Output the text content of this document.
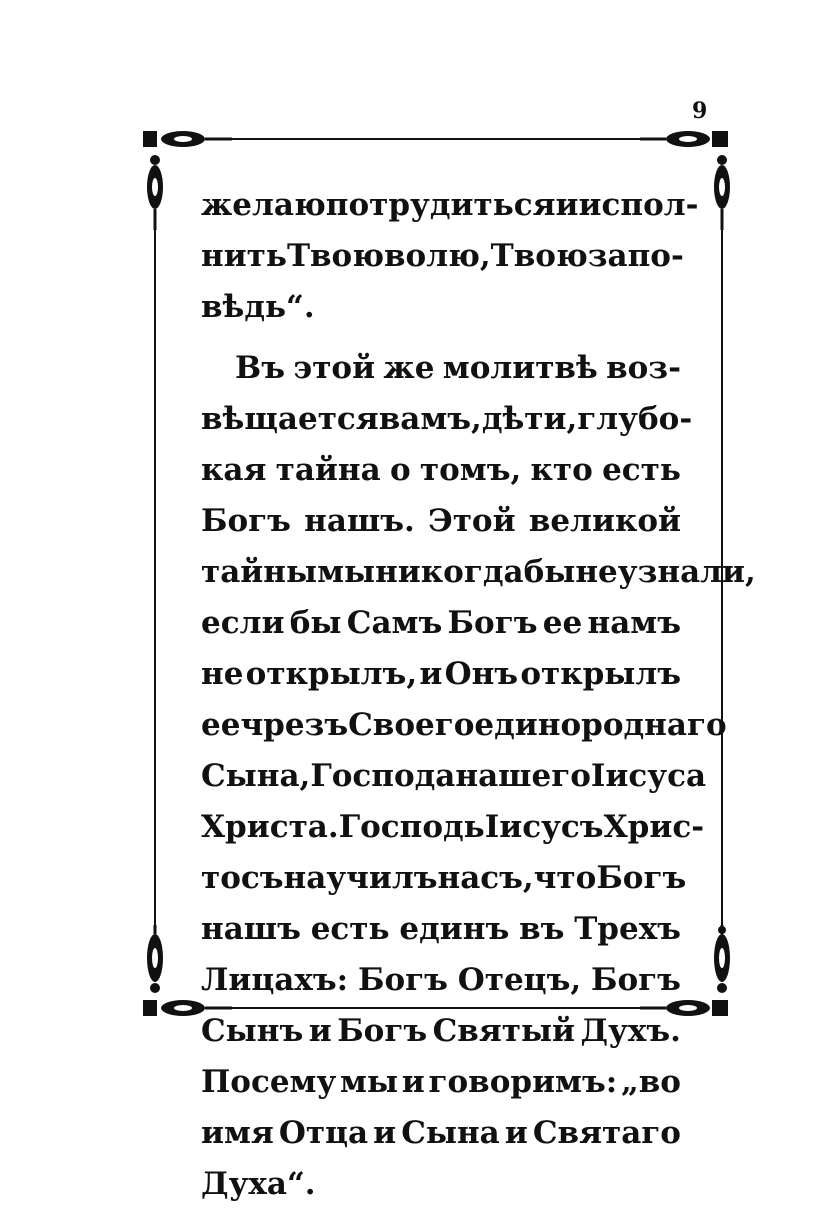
9
желаю потрудиться и испол-
нить Твою волю, Твою запо-
вѣдь“.
Въ этой же молитвѣ воз-
вѣщается вамъ, дѣти, глубо-
кая тайна о томъ, кто есть
Богъ нашъ. Этой великой
тайны мы никогда бы не узнали,
если бы Самъ Богъ ее намъ
не открылъ, и Онъ открылъ
ее чрезъ Своего единороднаго
Сына, Господа нашего Іисуса
Христа. Господь Іисусъ Хрис-
тосъ научилъ насъ, что Богъ
нашъ есть единъ въ Трехъ
Лицахъ: Богъ Отецъ, Богъ
Сынъ и Богъ Святый Духъ.
Посему мы и говоримъ: „во
имя Отца и Сына и Святаго
Духа“.
